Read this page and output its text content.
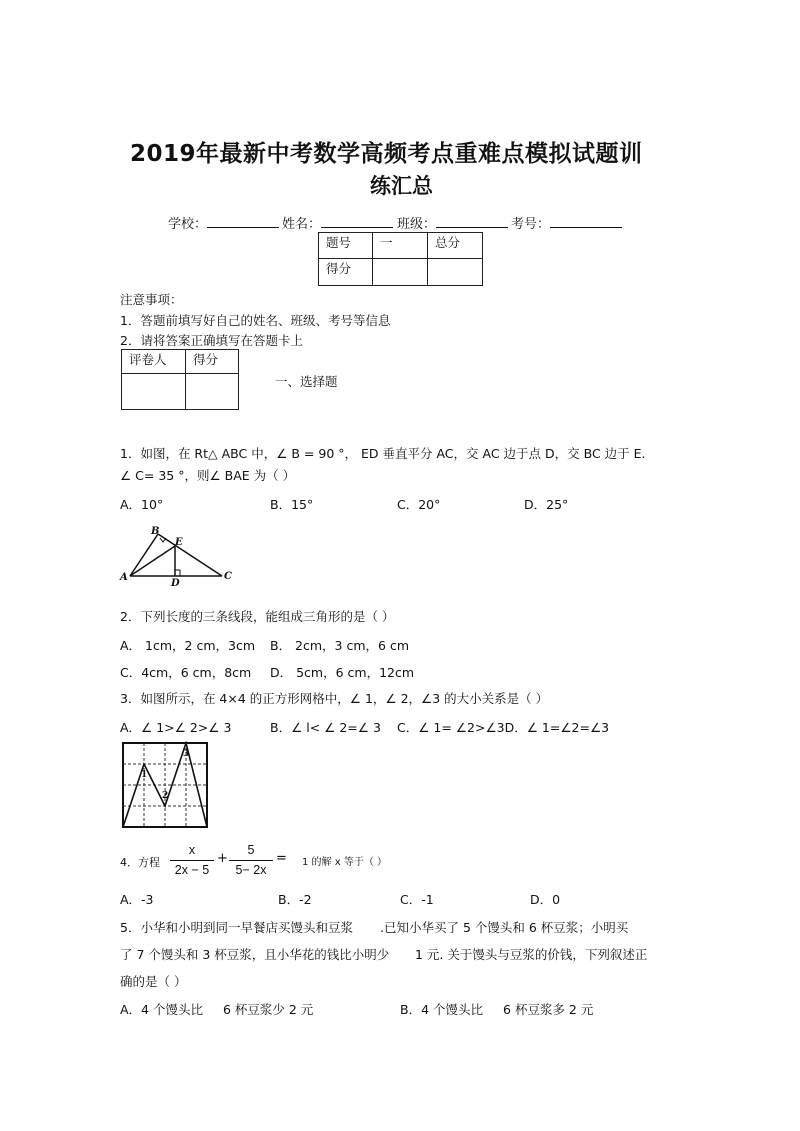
2019年最新中考数学高频考点重难点模拟试题训
练汇总
学校：	姓名：	班级：	考号：
题号	一	总分
得分		
注意事项：
1．答题前填写好自己的姓名、班级、考号等信息
2．请将答案正确填写在答题卡上
评卷人	得分

一、选择题
1．如图，在 Rt△ ABC 中，∠ B = 90 °， ED 垂直平分 AC，交 AC 边于点 D，交 BC 边于 E.
∠ C= 35 °，则∠ BAE 为（ ）
A．10°	B．15°	C．20°	D．25°
B
E
A
D
C
2．下列长度的三条线段，能组成三角形的是（ ）
A． 1cm，2 cm，3cm B． 2cm，3 cm，6 cm
C．4cm，6 cm，8cm D． 5cm，6 cm，12cm
3．如图所示，在 4×4 的正方形网格中，∠ 1，∠ 2，∠3 的大小关系是（ ）
A．∠ 1>∠ 2>∠ 3	B．∠ l< ∠ 2=∠ 3 C．∠ 1= ∠2>∠3D．∠ 1=∠2=∠3
1
2
3
4．方程
x
2x − 5
+
5
5− 2x
= 1 的解 x 等于（ ）
A．-3	B．-2	C．-1	D．0
5．小华和小明到同一早餐店买馒头和豆浆 .已知小华买了 5 个馒头和 6 杯豆浆；小明买
了 7 个馒头和 3 杯豆浆，且小华花的钱比小明少 1 元. 关于馒头与豆浆的价钱，下列叙述正
确的是（ ）
A．4 个馒头比 6 杯豆浆少 2 元	B．4 个馒头比 6 杯豆浆多 2 元
